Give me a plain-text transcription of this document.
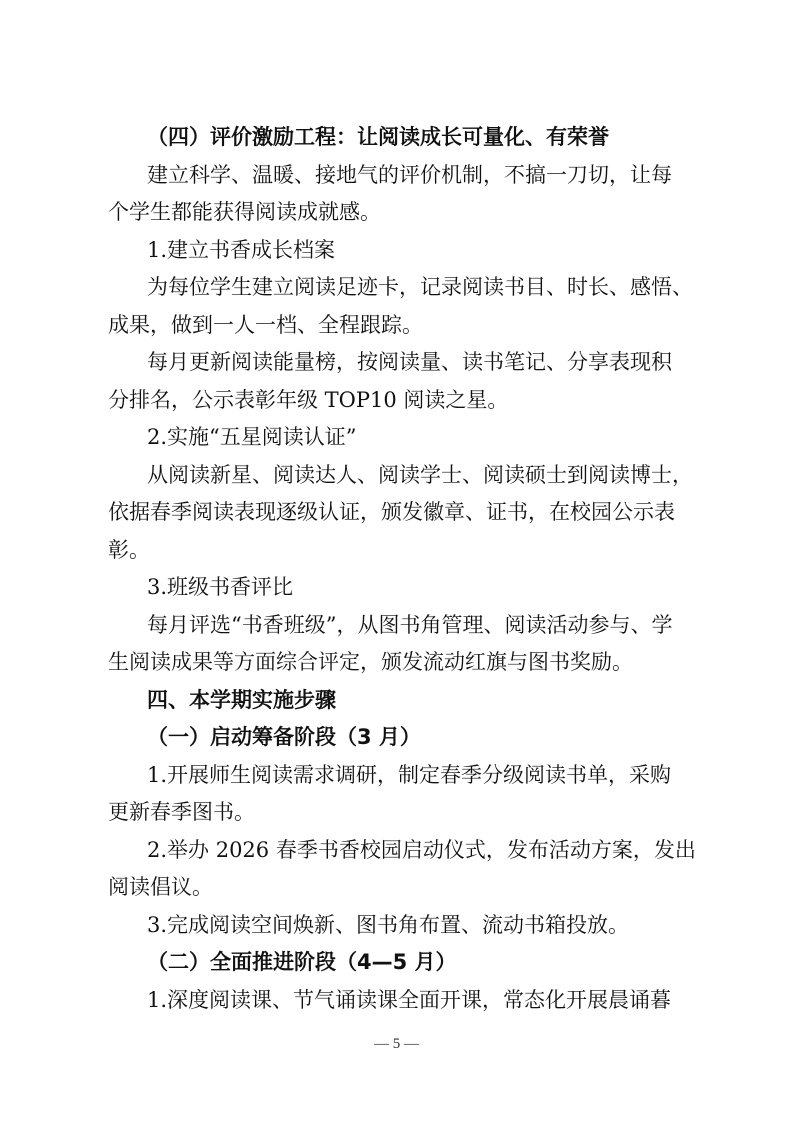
（四）评价激励工程：让阅读成长可量化、有荣誉
建立科学、温暖、接地气的评价机制，不搞一刀切，让每
个学生都能获得阅读成就感。
1.建立书香成长档案
为每位学生建立阅读足迹卡，记录阅读书目、时长、感悟、
成果，做到一人一档、全程跟踪。
每月更新阅读能量榜，按阅读量、读书笔记、分享表现积
分排名，公示表彰年级 TOP10 阅读之星。
2.实施“五星阅读认证”
从阅读新星、阅读达人、阅读学士、阅读硕士到阅读博士，
依据春季阅读表现逐级认证，颁发徽章、证书，在校园公示表
彰。
3.班级书香评比
每月评选“书香班级”，从图书角管理、阅读活动参与、学
生阅读成果等方面综合评定，颁发流动红旗与图书奖励。
四、本学期实施步骤
（一）启动筹备阶段（3 月）
1.开展师生阅读需求调研，制定春季分级阅读书单，采购
更新春季图书。
2.举办 2026 春季书香校园启动仪式，发布活动方案，发出
阅读倡议。
3.完成阅读空间焕新、图书角布置、流动书箱投放。
（二）全面推进阶段（4—5 月）
1.深度阅读课、节气诵读课全面开课，常态化开展晨诵暮
— 5 —
